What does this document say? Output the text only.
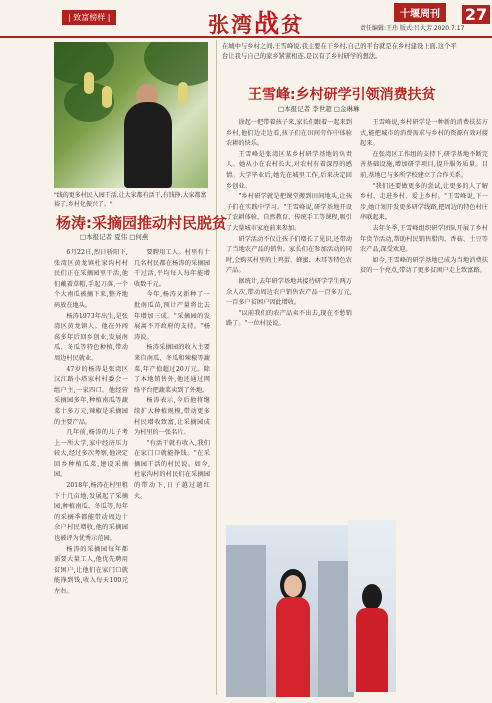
| 致富榜样 |	张湾战贫	十堰周刊	27
责任编辑:王玮 版式:吕大芳 2020.7.17
"线的更多村民入园干活,让大家都有活干,有钱挣,大家都富裕了,乡村化振兴了。"
杨涛:采摘园推动村民脱贫
□本报记者 夏伟 □何燕

6月22日,烈日骄阳下,张湾区黄龙镇杜家沟村村民们正在采摘园里干活,他们戴着草帽,手起刀落,一个个大南瓜被摘下来,整齐地码放在地头。

杨涛1973年出生,是张湾区黄龙镇人。他在外闯荡多年后回乡创业,发展南瓜、冬瓜等特色种植,带动周边村民就业。

47岁的杨涛是张湾区汉江路小塔家村村委会一组户主,一家四口。他经营采摘园多年,种植南瓜等蔬菜十多万元,辣椒是采摘园的主要产品。

几年前,杨涛的儿子考上一所大学,家中经济压力较大,经过多次考察,他决定回乡种植瓜菜,建设采摘园。

2018年,杨涛在村里租下十几亩地,发展起了采摘园,种植南瓜、冬瓜等,每年的采摘季都能带动周边十余户村民增收,他的采摘园也被评为优秀示范园。

杨涛的采摘园每年都需要大量工人,他优先聘用贫困户,让他们在家门口就能挣到钱,收入每天100元左右。

要聘用工人。村里有十几名村民都在杨涛的采摘园干过活,平均每人每年能增收数千元。

今年,杨涛又新种了一批南瓜苗,预计产量将比去年增加三成。"采摘园的发展离不开政府的支持。"杨涛说。

杨涛采摘园的收入主要来自南瓜、冬瓜和辣椒等蔬菜,年产值超过20万元。除了本地销售外,他还通过网络平台把蔬菜卖到了外地。

杨涛表示,今后他将继续扩大种植规模,带动更多村民增收致富,让采摘园成为村里的一张名片。

"有活干就有收入,我们在家门口就能挣钱。"在采摘园干活的村民说。如今,杜家沟村的村民们在采摘园的带动下,日子越过越红火。

在城中与乡村之间,王雪峰说,我主要在干乡村,自己的平台就是在乡村建设上面,这个平台让我与自己的家乡紧紧相连,是以有了乡村研学的想法。
王雪峰:乡村研学引领消费扶贫
□本报记者 李世超 □金琳琳

徐起一把带着孩子来,家长们跟着一起来到乡村,他们边走边看,孩子们在田间劳作中体验农耕的快乐。

王雪峰是张湾区某乡村研学基地的负责人。她从小在农村长大,对农村有着深厚的感情。大学毕业后,她先在城里工作,后来决定回乡创业。

"乡村研学就是把课堂搬到田间地头,让孩子们在实践中学习。"王雪峰说,研学基地开设了农耕体验、自然教育、传统手工等课程,吸引了大量城市家庭前来参加。

研学活动不仅让孩子们增长了见识,还带动了当地农产品的销售。家长们在参加活动的同时,会购买村里的土鸡蛋、蜂蜜、木耳等特色农产品。

据统计,去年研学基地共接待研学学生两万余人次,带动周边农户销售农产品一百多万元,一百多户贫困户因此增收。

"以前我们的农产品卖不出去,现在不愁销路了。"一位村民说。

王雪峰说,乡村研学是一种新的消费扶贫方式,能把城市的消费需求与乡村的资源有效对接起来。

在张湾区工作组的支持下,研学基地不断完善基础设施,增加研学项目,提升服务质量。目前,基地已与多所学校建立了合作关系。

"我们还要做更多的尝试,让更多的人了解乡村、走进乡村、爱上乡村。"王雪峰说,下一步,她计划开发更多研学线路,把周边的特色村庄串联起来。

去年冬季,王雪峰组织研学团队开展了乡村年货节活动,帮助村民销售腊肉、香菇、土豆等农产品,深受欢迎。

如今,王雪峰的研学基地已成为当地消费扶贫的一个亮点,带动了更多贫困户走上致富路。
